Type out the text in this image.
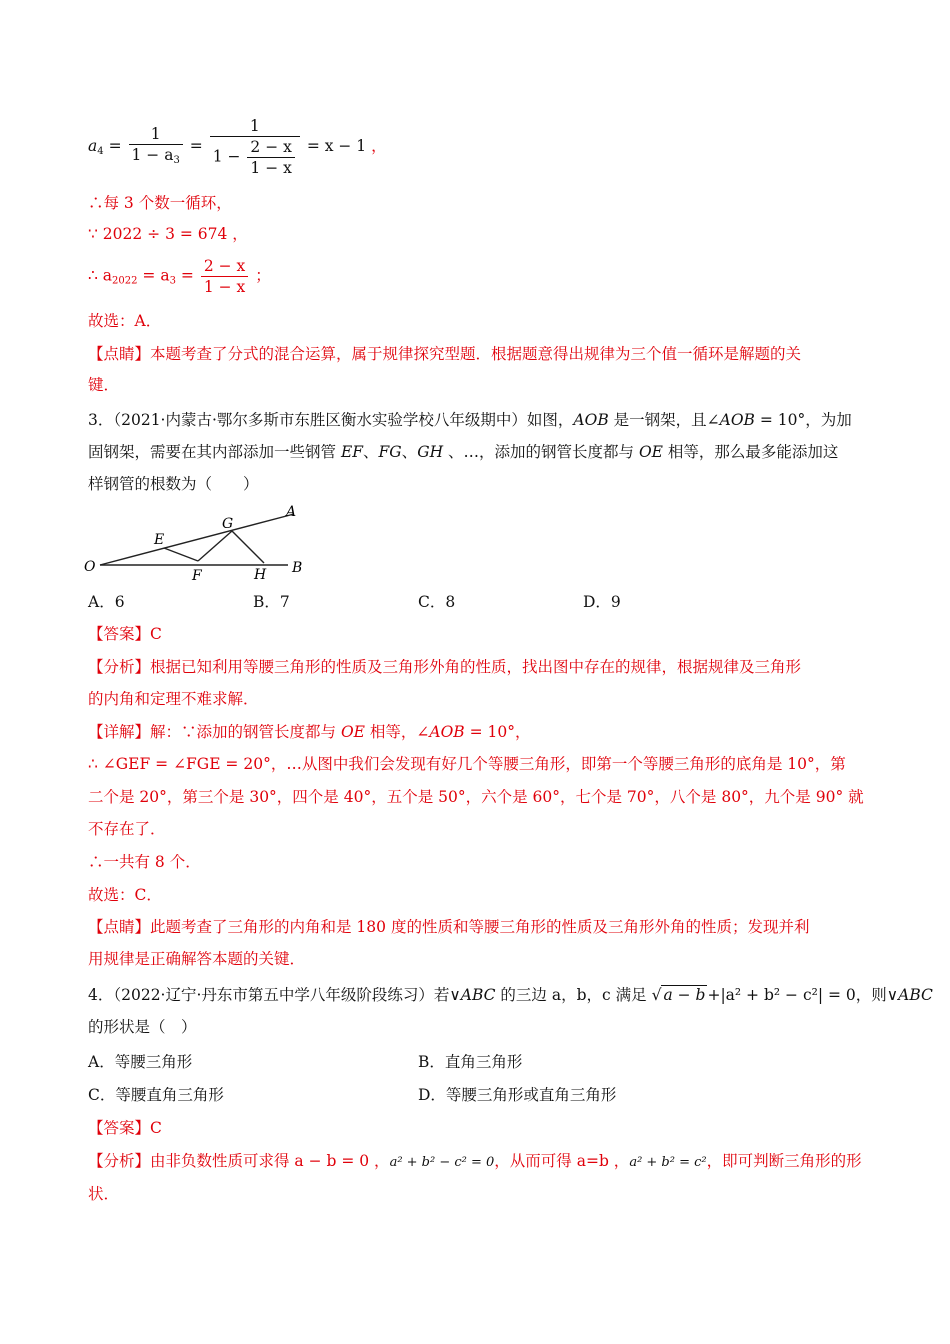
$a_4 = \frac{1}{1 - a_3} = \frac{1}{1 - \frac{2 - x}{1 - x}} = x - 1$ ，
∴每 3 个数一循环，
∵ 2022 ÷ 3 = 674 ，
∴ $a_{2022} = a_3 = \frac{2 - x}{1 - x}$ ；
故选：A．
【点睛】本题考查了分式的混合运算，属于规律探究型题．根据题意得出规律为三个值一循环是解题的关
键．
3．（2021·内蒙古·鄂尔多斯市东胜区衡水实验学校八年级期中）如图，AOB 是一钢架，且∠AOB = 10°，为加
固钢架，需要在其内部添加一些钢管 EF、FG、GH 、…，添加的钢管长度都与 OE 相等，那么最多能添加这
样钢管的根数为（　　）
O
E
G
A
F	H B
A．6	B．7	C．8	D．9
【答案】C
【分析】根据已知利用等腰三角形的性质及三角形外角的性质，找出图中存在的规律，根据规律及三角形
的内角和定理不难求解．
【详解】解：∵添加的钢管长度都与 OE 相等，∠AOB = 10°，
∴ ∠GEF = ∠FGE = 20°，…从图中我们会发现有好几个等腰三角形，即第一个等腰三角形的底角是 10°，第
二个是 20°，第三个是 30°，四个是 40°，五个是 50°，六个是 60°，七个是 70°，八个是 80°，九个是 90° 就
不存在了．
∴一共有 8 个．
故选：C．
【点睛】此题考查了三角形的内角和是 180 度的性质和等腰三角形的性质及三角形外角的性质；发现并利
用规律是正确解答本题的关键．
4．（2022·辽宁·丹东市第五中学八年级阶段练习）若∨ABC 的三边 a，b，c 满足 √ a − b +|a² + b² − c²| = 0，则∨ABC
的形状是（　）
A．等腰三角形	B．直角三角形
C．等腰直角三角形	D．等腰三角形或直角三角形
【答案】C
【分析】由非负数性质可求得 a − b = 0 ，a² + b² − c² = 0，从而可得 a=b ，a² + b² = c²，即可判断三角形的形
状．
